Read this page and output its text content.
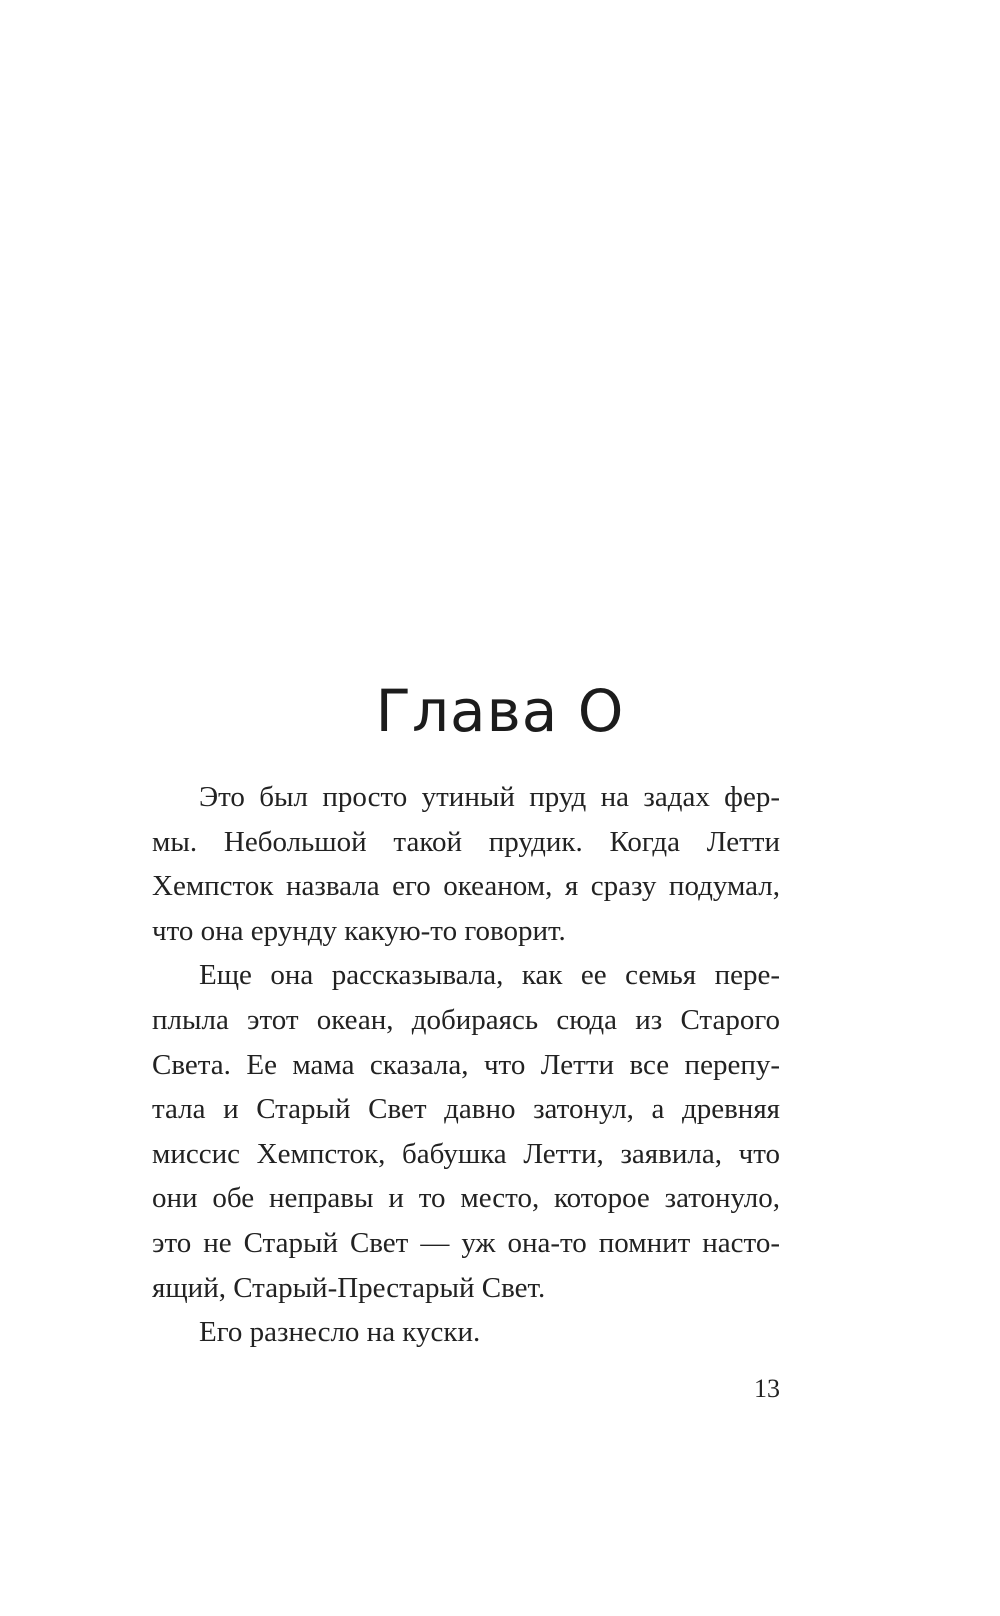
Глава О
Это был просто утиный пруд на задах фер-
мы. Небольшой такой прудик. Когда Летти
Хемпсток назвала его океаном, я сразу подумал,
что она ерунду какую-то говорит.
Еще она рассказывала, как ее семья пере-
плыла этот океан, добираясь сюда из Старого
Света. Ее мама сказала, что Летти все перепу-
тала и Старый Свет давно затонул, а древняя
миссис Хемпсток, бабушка Летти, заявила, что
они обе неправы и то место, которое затонуло,
это не Старый Свет — уж она-то помнит насто-
ящий, Старый-Престарый Свет.
Его разнесло на куски.
13
